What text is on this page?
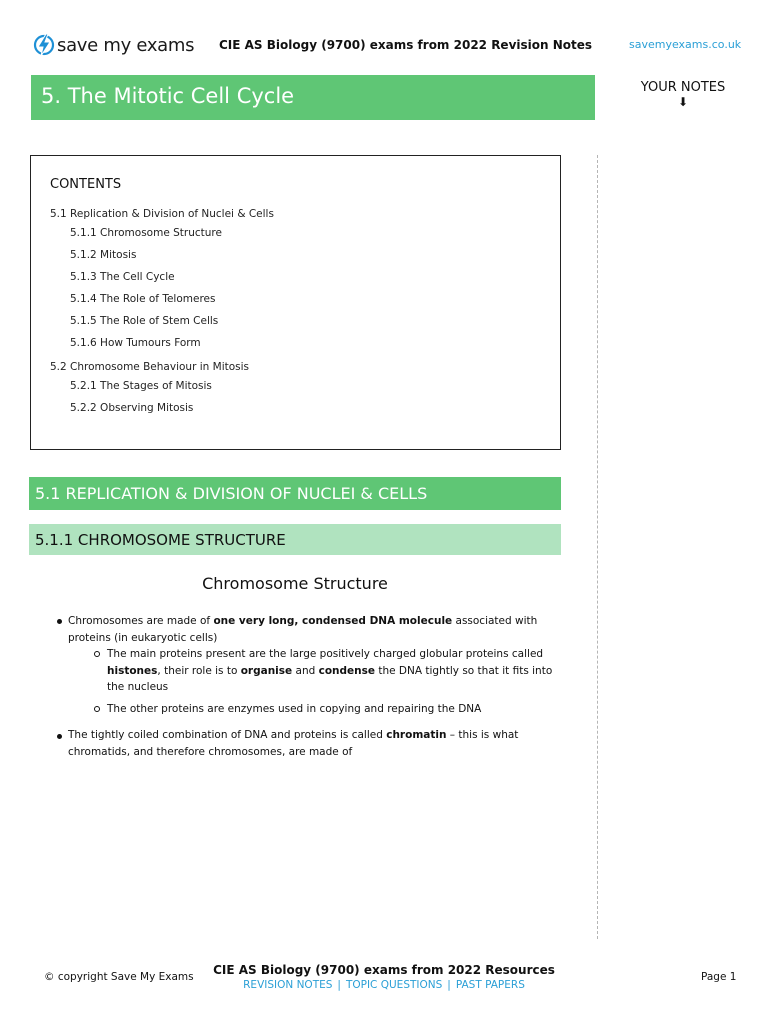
save my exams CIE AS Biology (9700) exams from 2022 Revision Notes	savemyexams.co.uk
5. The Mitotic Cell Cycle	YOUR NOTES
⬇
CONTENTS
5.1 Replication & Division of Nuclei & Cells
5.1.1 Chromosome Structure
5.1.2 Mitosis
5.1.3 The Cell Cycle
5.1.4 The Role of Telomeres
5.1.5 The Role of Stem Cells
5.1.6 How Tumours Form
5.2 Chromosome Behaviour in Mitosis
5.2.1 The Stages of Mitosis
5.2.2 Observing Mitosis
5.1 REPLICATION & DIVISION OF NUCLEI & CELLS
5.1.1 CHROMOSOME STRUCTURE
Chromosome Structure
Chromosomes are made of one very long, condensed DNA molecule associated with
proteins (in eukaryotic cells)
The main proteins present are the large positively charged globular proteins called
histones, their role is to organise and condense the DNA tightly so that it fits into
the nucleus
The other proteins are enzymes used in copying and repairing the DNA
The tightly coiled combination of DNA and proteins is called chromatin – this is what
chromatids, and therefore chromosomes, are made of
© copyright Save My Exams	CIE AS Biology (9700) exams from 2022 Resources
REVISION NOTES | TOPIC QUESTIONS | PAST PAPERS
Page 1
